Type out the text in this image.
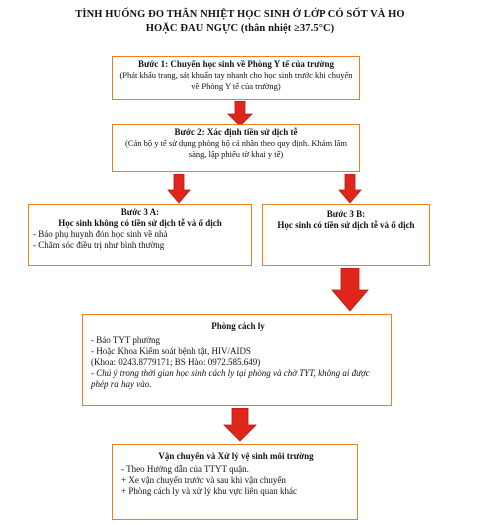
TÌNH HUỐNG ĐO THÂN NHIỆT HỌC SINH Ở LỚP CÓ SỐT VÀ HO
HOẶC ĐAU NGỰC (thân nhiệt ≥37.5°C)
Bước 1: Chuyển học sinh về Phòng Y tế của trường
(Phát khẩu trang, sát khuẩn tay nhanh cho học sinh trước khi chuyển về Phòng Y tế của trường)
Bước 2: Xác định tiền sử dịch tễ
(Cán bộ y tế sử dụng phòng hộ cá nhân theo quy định. Khám lâm sàng, lập phiếu tờ khai y tế)
Bước 3 A:
Học sinh không có tiền sử dịch tễ và ổ dịch
- Báo phụ huynh đón học sinh về nhà
- Chăm sóc điều trị như bình thường
Bước 3 B:
Học sinh có tiền sử dịch tễ và ổ dịch
Phòng cách ly
- Báo TYT phường
- Hoặc Khoa Kiểm soát bệnh tật, HIV/AIDS
(Khoa: 0243.8779171; BS Hào: 0972.585.649)
- Chú ý trong thời gian học sinh cách ly tại phòng và chờ TYT, không ai được phép ra hay vào.
Vận chuyển và Xử lý vệ sinh môi trường
- Theo Hướng dẫn của TTYT quận.
+ Xe vận chuyển trước và sau khi vận chuyển
+ Phòng cách ly và xử lý khu vực liên quan khác
